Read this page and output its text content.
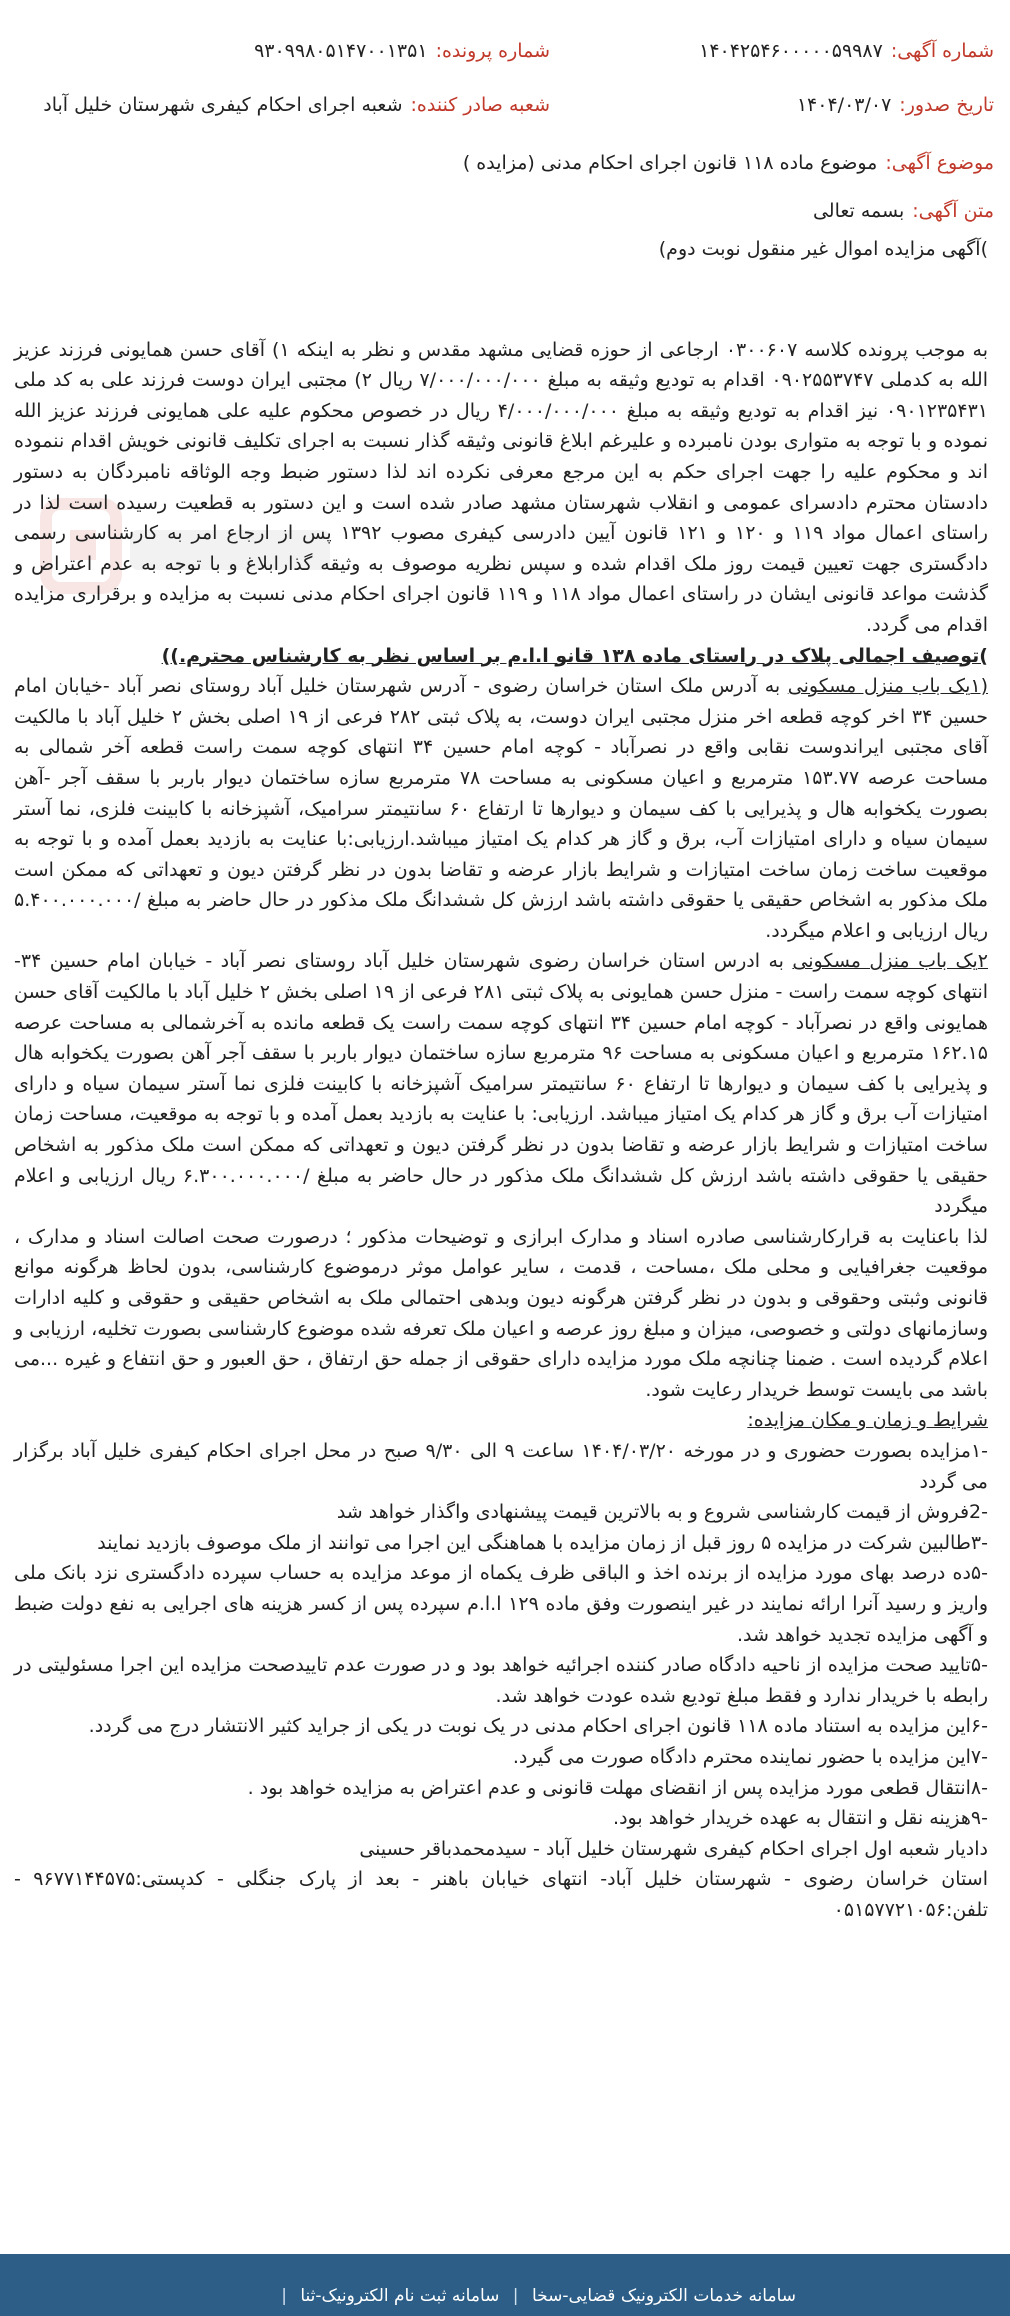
شماره آگهی:۱۴۰۴۲۵۴۶۰۰۰۰۰۵۹۹۸۷
شماره پرونده:۹۳۰۹۹۸۰۵۱۴۷۰۰۱۳۵۱
تاریخ صدور:۱۴۰۴/۰۳/۰۷
شعبه صادر کننده:شعبه اجرای احکام کیفری شهرستان خلیل آباد
موضوع آگهی:موضوع ماده ۱۱۸ قانون اجرای احکام مدنی (مزایده )
متن آگهی:بسمه تعالی

)آگهی مزایده اموال غیر منقول نوبت دوم)

به موجب پرونده کلاسه ۰۳۰۰۶۰۷ ارجاعی از حوزه قضایی مشهد مقدس و نظر به اینکه ۱) آقای حسن همایونی فرزند عزیز الله به کدملی ۰۹۰۲۵۵۳۷۴۷ اقدام به تودیع وثیقه به مبلغ ۷/۰۰۰/۰۰۰/۰۰۰ ریال ۲) مجتبی ایران دوست فرزند علی به کد ملی ۰۹۰۱۲۳۵۴۳۱ نیز اقدام به تودیع وثیقه به مبلغ ۴/۰۰۰/۰۰۰/۰۰۰ ریال در خصوص محکوم علیه علی همایونی فرزند عزیز الله نموده و با توجه به متواری بودن نامبرده و علیرغم ابلاغ قانونی وثیقه گذار نسبت به اجرای تکلیف قانونی خویش اقدام ننموده اند و محکوم علیه را جهت اجرای حکم به این مرجع معرفی نکرده اند لذا دستور ضبط وجه الوثاقه نامبردگان به دستور دادستان محترم دادسرای عمومی و انقلاب شهرستان مشهد صادر شده است و این دستور به قطعیت رسیده است لذا در راستای اعمال مواد ۱۱۹ و ۱۲۰ و ۱۲۱ قانون آیین دادرسی کیفری مصوب ۱۳۹۲ پس از ارجاع امر به کارشناسی رسمی دادگستری جهت تعیین قیمت روز ملک اقدام شده و سپس نظریه موصوف به وثیقه گذارابلاغ و با توجه به عدم اعتراض و گذشت مواعد قانونی ایشان در راستای اعمال مواد ۱۱۸ و ۱۱۹ قانون اجرای احکام مدنی نسبت به مزایده و برقراری مزایده اقدام می گردد.

)توصیف اجمالی پلاک در راستای ماده ۱۳۸ قانو ا.ا.م بر اساس نظر به کارشناس محترم.))

(۱یک باب منزل مسکونی به آدرس ملک استان خراسان رضوی - آدرس شهرستان خلیل آباد روستای نصر آباد -خیابان امام حسین ۳۴ اخر کوچه قطعه اخر منزل مجتبی ایران دوست، به پلاک ثبتی ۲۸۲ فرعی از ۱۹ اصلی بخش ۲ خلیل آباد با مالکیت آقای مجتبی ایراندوست نقابی واقع در نصرآباد - کوچه امام حسین ۳۴ انتهای کوچه سمت راست قطعه آخر شمالی به مساحت عرصه ۱۵۳.۷۷ مترمربع و اعیان مسکونی به مساحت ۷۸ مترمربع سازه ساختمان دیوار باربر با سقف آجر -آهن بصورت یکخوابه هال و پذیرایی با کف سیمان و دیوارها تا ارتفاع ۶۰ سانتیمتر سرامیک، آشپزخانه با کابینت فلزی، نما آستر سیمان سیاه و دارای امتیازات آب، برق و گاز هر کدام یک امتیاز میباشد.ارزیابی:با عنایت به بازدید بعمل آمده و با توجه به موقعیت ساخت زمان ساخت امتیازات و شرایط بازار عرضه و تقاضا بدون در نظر گرفتن دیون و تعهداتی که ممکن است ملک مذکور به اشخاص حقیقی یا حقوقی داشته باشد ارزش کل ششدانگ ملک مذکور در حال حاضر به مبلغ /۵.۴۰۰.۰۰۰.۰۰۰ ریال ارزیابی و اعلام میگردد.

۲یک باب منزل مسکونی به ادرس استان خراسان رضوی شهرستان خلیل آباد روستای نصر آباد - خیابان امام حسین ۳۴- انتهای کوچه سمت راست - منزل حسن همایونی به پلاک ثبتی ۲۸۱ فرعی از ۱۹ اصلی بخش ۲ خلیل آباد با مالکیت آقای حسن همایونی واقع در نصرآباد - کوچه امام حسین ۳۴ انتهای کوچه سمت راست یک قطعه مانده به آخرشمالی به مساحت عرصه ۱۶۲.۱۵ مترمربع و اعیان مسکونی به مساحت ۹۶ مترمربع سازه ساختمان دیوار باربر با سقف آجر آهن بصورت یکخوابه هال و پذیرایی با کف سیمان و دیوارها تا ارتفاع ۶۰ سانتیمتر سرامیک آشپزخانه با کابینت فلزی نما آستر سیمان سیاه و دارای امتیازات آب برق و گاز هر کدام یک امتیاز میباشد. ارزیابی: با عنایت به بازدید بعمل آمده و با توجه به موقعیت، مساحت زمان ساخت امتیازات و شرایط بازار عرضه و تقاضا بدون در نظر گرفتن دیون و تعهداتی که ممکن است ملک مذکور به اشخاص حقیقی یا حقوقی داشته باشد ارزش کل ششدانگ ملک مذکور در حال حاضر به مبلغ /۶.۳۰۰.۰۰۰.۰۰۰ ریال ارزیابی و اعلام میگردد

لذا باعنایت به قرارکارشناسی صادره اسناد و مدارک ابرازی و توضیحات مذکور ؛ درصورت صحت اصالت اسناد و مدارک ، موقعیت جغرافیایی و محلی ملک ،مساحت ، قدمت ، سایر عوامل موثر درموضوع کارشناسی، بدون لحاظ هرگونه موانع قانونی وثبتی وحقوقی و بدون در نظر گرفتن هرگونه دیون وبدهی احتمالی ملک به اشخاص حقیقی و حقوقی و کلیه ادارات وسازمانهای دولتی و خصوصی، میزان و مبلغ روز عرصه و اعیان ملک تعرفه شده موضوع کارشناسی بصورت تخلیه، ارزیابی و اعلام گردیده است . ضمنا چنانچه ملک مورد مزایده دارای حقوقی از جمله حق ارتفاق ، حق العبور و حق انتفاع و غیره ...می باشد می بایست توسط خریدار رعایت شود.

شرایط و زمان و مکان مزایده:

-۱مزایده بصورت حضوری و در مورخه ۱۴۰۴/۰۳/۲۰ ساعت ۹ الی ۹/۳۰ صبح در محل اجرای احکام کیفری خلیل آباد برگزار می گردد

-2فروش از قیمت کارشناسی شروع و به بالاترین قیمت پیشنهادی واگذار خواهد شد

-۳طالبین شرکت در مزایده ۵ روز قبل از زمان مزایده با هماهنگی این اجرا می توانند از ملک موصوف بازدید نمایند

-۵ده درصد بهای مورد مزایده از برنده اخذ و الباقی ظرف یکماه از موعد مزایده به حساب سپرده دادگستری نزد بانک ملی واریز و رسید آنرا ارائه نمایند در غیر اینصورت وفق ماده ۱۲۹ ا.ا.م سپرده پس از کسر هزینه های اجرایی به نفع دولت ضبط و آگهی مزایده تجدید خواهد شد.

-۵تایید صحت مزایده از ناحیه دادگاه صادر کننده اجرائیه خواهد بود و در صورت عدم تاییدصحت مزایده این اجرا مسئولیتی در رابطه با خریدار ندارد و فقط مبلغ تودیع شده عودت خواهد شد.

-۶این مزایده به استناد ماده ۱۱۸ قانون اجرای احکام مدنی در یک نوبت در یکی از جراید کثیر الانتشار درج می گردد.

-۷این مزایده با حضور نماینده محترم دادگاه صورت می گیرد.

-۸انتقال قطعی مورد مزایده پس از انقضای مهلت قانونی و عدم اعتراض به مزایده خواهد بود .

-۹هزینه نقل و انتقال به عهده خریدار خواهد بود.

دادیار شعبه اول اجرای احکام کیفری شهرستان خلیل آباد - سیدمحمدباقر حسینی

استان خراسان رضوی - شهرستان خلیل آباد- انتهای خیابان باهنر - بعد از پارک جنگلی - کدپستی:۹۶۷۷۱۴۴۵۷۵ - تلفن:۰۵۱۵۷۷۲۱۰۵۶

سامانه خدمات الکترونیک قضایی-سخا | سامانه ثبت نام الکترونیک-ثنا |
